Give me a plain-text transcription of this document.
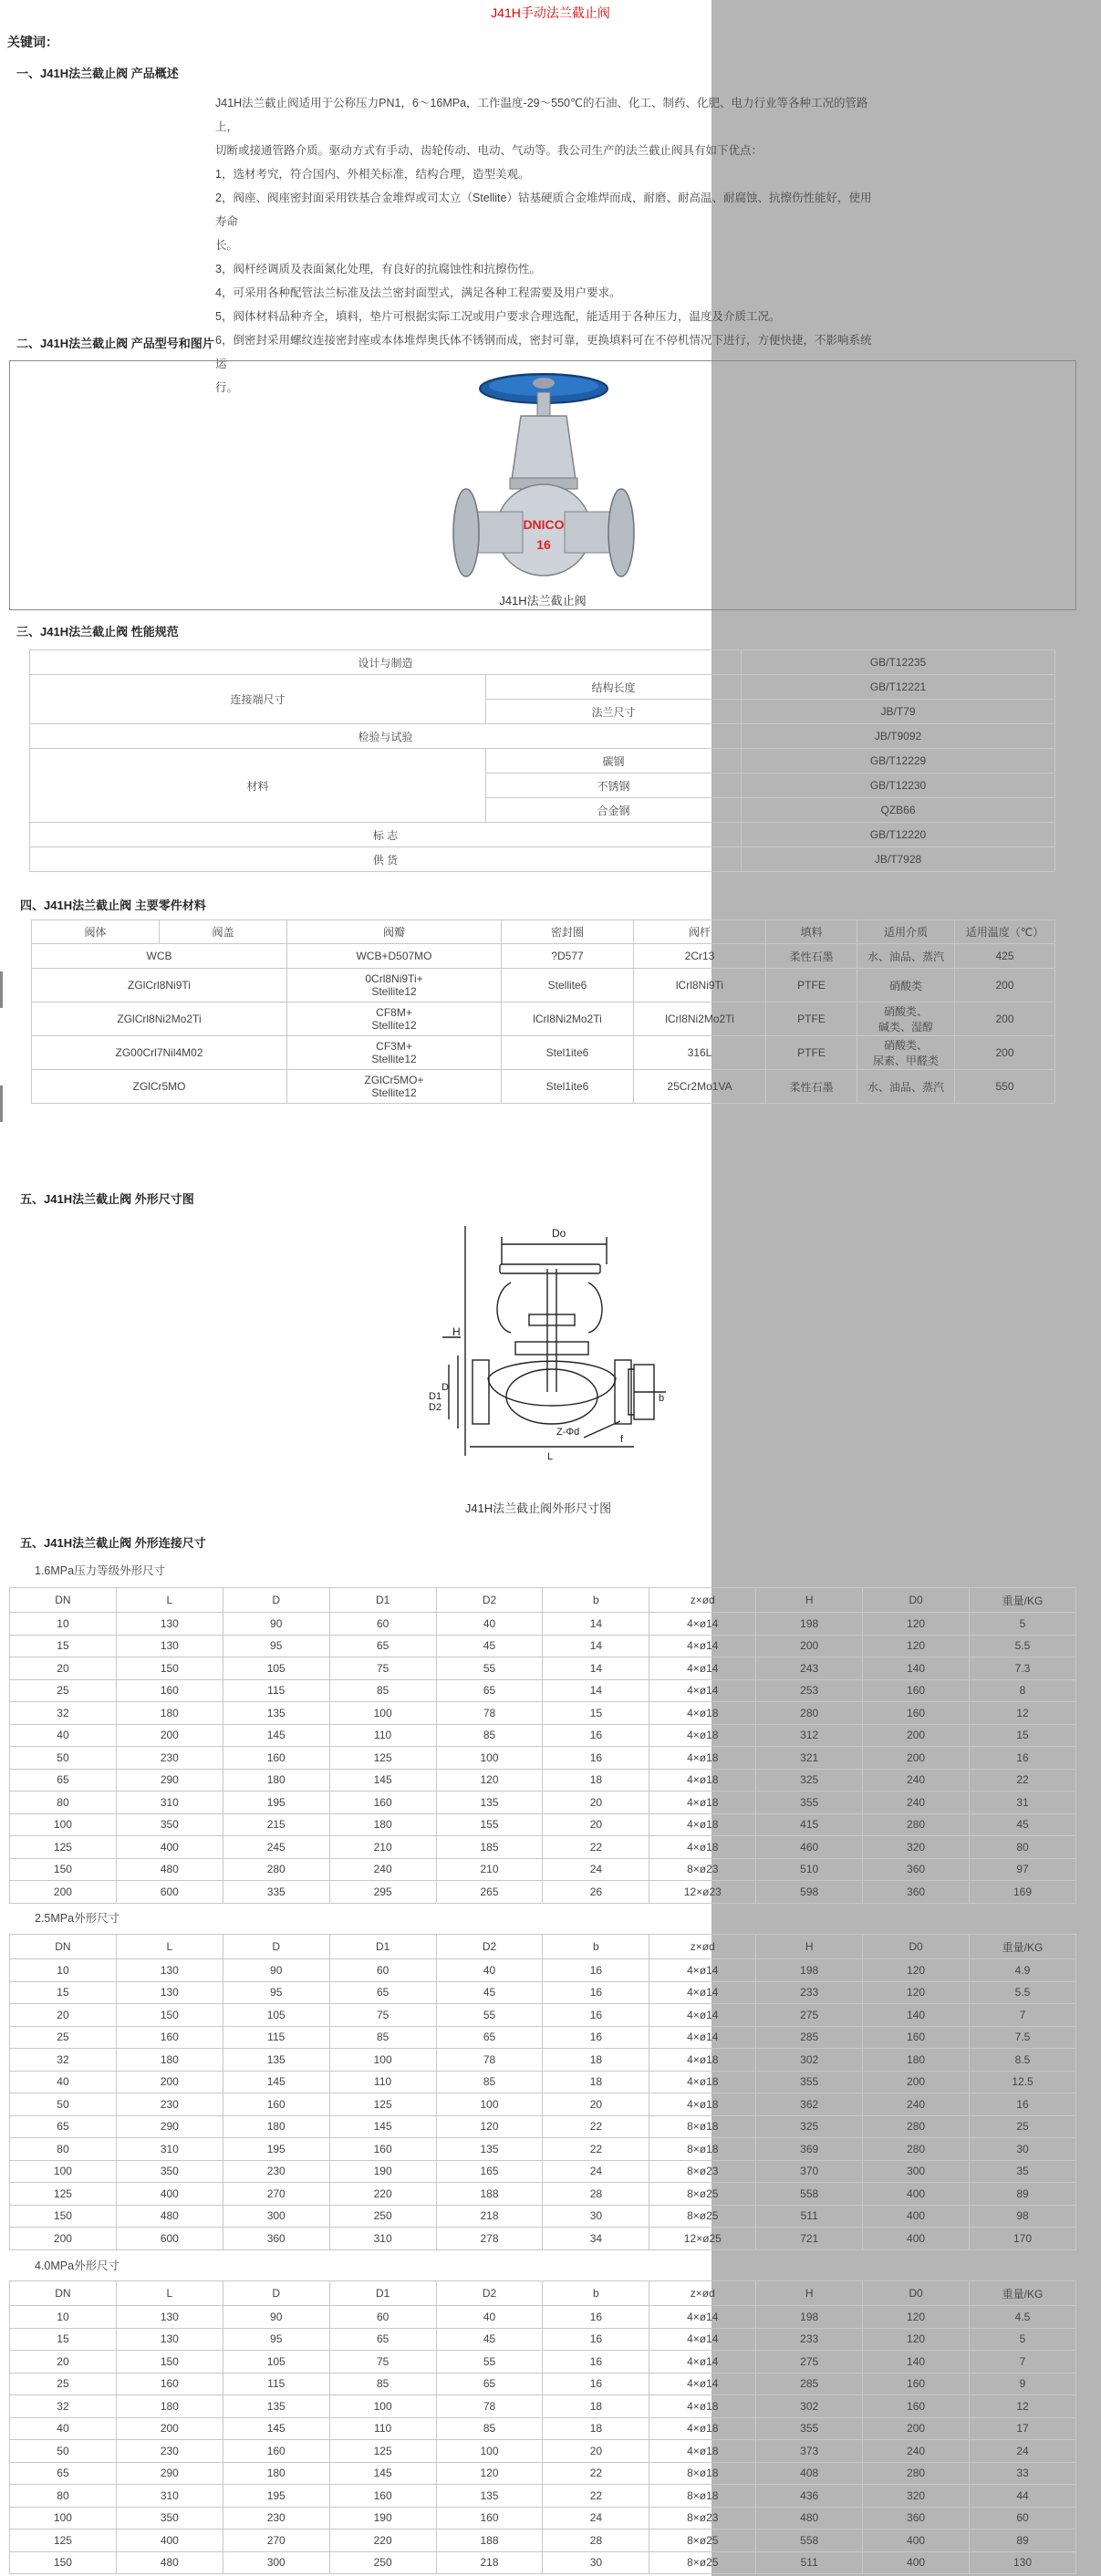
J41H手动法兰截止阀
关键词：
一、J41H法兰截止阀 产品概述

J41H法兰截止阀适用于公称压力PN1，6～16MPa，工作温度-29～550℃的石油、化工、制药、化肥、电力行业等各种工况的管路上，

切断或接通管路介质。驱动方式有手动、齿轮传动、电动、气动等。我公司生产的法兰截止阀具有如下优点：

1，选材考究，符合国内、外相关标准，结构合理，造型美观。

2，阀座、阀座密封面采用铁基合金堆焊或司太立（Stellite）钴基硬质合金堆焊而成，耐磨、耐高温、耐腐蚀、抗擦伤性能好，使用寿命

长。

3，阀杆经调质及表面氮化处理，有良好的抗腐蚀性和抗擦伤性。

4，可采用各种配管法兰标准及法兰密封面型式，满足各种工程需要及用户要求。

5，阀体材料品种齐全，填料，垫片可根据实际工况或用户要求合理选配，能适用于各种压力，温度及介质工况。

6，倒密封采用螺纹连接密封座或本体堆焊奥氏体不锈钢而成，密封可靠，更换填料可在不停机情况下进行，方便快捷，不影响系统运

行。

二、J41H法兰截止阀 产品型号和图片
DNICO
16
J41H法兰截止阀
三、J41H法兰截止阀 性能规范
设计与制造		GB/T12235
连接端尺寸	结构长度	GB/T12221
	法兰尺寸	JB/T79
检验与试验		JB/T9092
材料	碳钢	GB/T12229
	不锈钢	GB/T12230
	合金钢	QZB66
标 志		GB/T12220
供 货		JB/T7928
四、J41H法兰截止阀 主要零件材料
阀体	阀盖	阀瓣	密封圈	阀杆	填料	适用介质	适用温度（℃）
WCB		WCB+D507MO	?D577	2Cr13	柔性石墨	水、油品、蒸汽	425
ZGlCrl8Ni9Ti		0Crl8Ni9Ti+
Stellite12	Stellite6	lCrl8Ni9Ti	PTFE	硝酸类	200
ZGlCrl8Ni2Mo2Ti		CF8M+
Stellite12	lCrl8Ni2Mo2Ti	lCrl8Ni2Mo2Ti	PTFE	硝酸类、
碱类、湿醇	200
ZG00Crl7Nil4M02		CF3M+
Stellite12	Stel1ite6	316L	PTFE	硝酸类、
尿素、甲醛类	200
ZGlCr5MO		ZGlCr5MO+
Stellite12	Stel1ite6	25Cr2Mo1VA	柔性石墨	水、油品、蒸汽	550
五、J41H法兰截止阀 外形尺寸图
Do
H
D
D1
D2
Z-Φd
L
f
b
J41H法兰截止阀外形尺寸图
五、J41H法兰截止阀 外形连接尺寸
1.6MPa压力等级外形尺寸
DN	L	D	D1	D2	b	z×ød	H	D0	重量/KG
10	130	90	60	40	14	4×ø14	198	120	5
15	130	95	65	45	14	4×ø14	200	120	5.5
20	150	105	75	55	14	4×ø14	243	140	7.3
25	160	115	85	65	14	4×ø14	253	160	8
32	180	135	100	78	15	4×ø18	280	160	12
40	200	145	110	85	16	4×ø18	312	200	15
50	230	160	125	100	16	4×ø18	321	200	16
65	290	180	145	120	18	4×ø18	325	240	22
80	310	195	160	135	20	4×ø18	355	240	31
100	350	215	180	155	20	4×ø18	415	280	45
125	400	245	210	185	22	4×ø18	460	320	80
150	480	280	240	210	24	8×ø23	510	360	97
200	600	335	295	265	26	12×ø23	598	360	169
2.5MPa外形尺寸
DN	L	D	D1	D2	b	z×ød	H	D0	重量/KG
10	130	90	60	40	16	4×ø14	198	120	4.9
15	130	95	65	45	16	4×ø14	233	120	5.5
20	150	105	75	55	16	4×ø14	275	140	7
25	160	115	85	65	16	4×ø14	285	160	7.5
32	180	135	100	78	18	4×ø18	302	180	8.5
40	200	145	110	85	18	4×ø18	355	200	12.5
50	230	160	125	100	20	4×ø18	362	240	16
65	290	180	145	120	22	8×ø18	325	280	25
80	310	195	160	135	22	8×ø18	369	280	30
100	350	230	190	165	24	8×ø23	370	300	35
125	400	270	220	188	28	8×ø25	558	400	89
150	480	300	250	218	30	8×ø25	511	400	98
200	600	360	310	278	34	12×ø25	721	400	170
4.0MPa外形尺寸
DN	L	D	D1	D2	b	z×ød	H	D0	重量/KG
10	130	90	60	40	16	4×ø14	198	120	4.5
15	130	95	65	45	16	4×ø14	233	120	5
20	150	105	75	55	16	4×ø14	275	140	7
25	160	115	85	65	16	4×ø14	285	160	9
32	180	135	100	78	18	4×ø18	302	160	12
40	200	145	110	85	18	4×ø18	355	200	17
50	230	160	125	100	20	4×ø18	373	240	24
65	290	180	145	120	22	8×ø18	408	280	33
80	310	195	160	135	22	8×ø18	436	320	44
100	350	230	190	160	24	8×ø23	480	360	60
125	400	270	220	188	28	8×ø25	558	400	89
150	480	300	250	218	30	8×ø25	511	400	130
